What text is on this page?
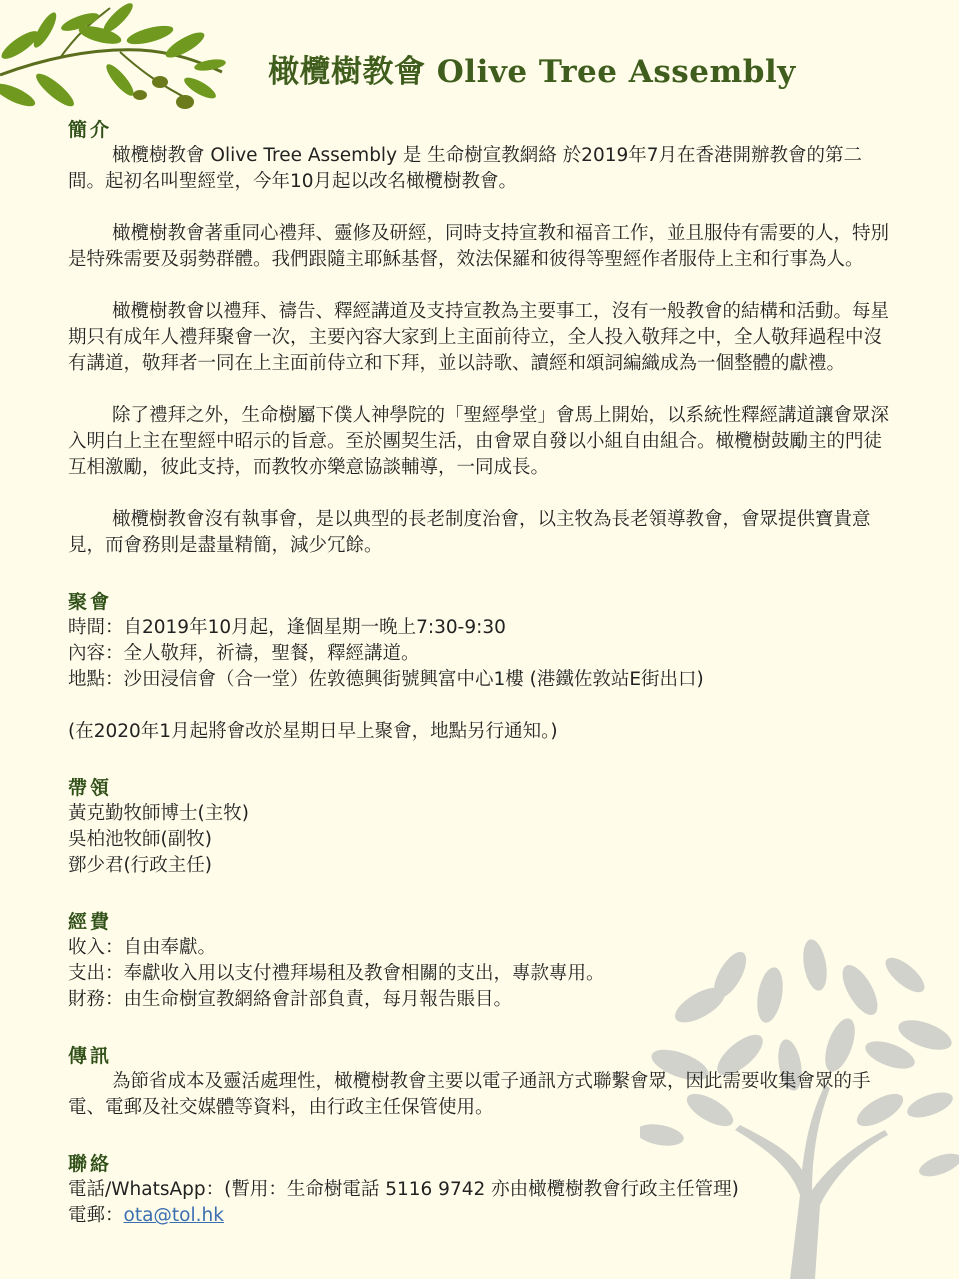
橄欖樹教會 Olive Tree Assembly
簡介

橄欖樹教會 Olive Tree Assembly 是 生命樹宣教網絡 於2019年7月在香港開辦教會的第二間。起初名叫聖經堂，今年10月起以改名橄欖樹教會。

橄欖樹教會著重同心禮拜、靈修及研經，同時支持宣教和福音工作，並且服侍有需要的人，特別是特殊需要及弱勢群體。我們跟隨主耶穌基督，效法保羅和彼得等聖經作者服侍上主和行事為人。

橄欖樹教會以禮拜、禱告、釋經講道及支持宣教為主要事工，沒有一般教會的結構和活動。每星期只有成年人禮拜聚會一次，主要內容大家到上主面前待立，全人投入敬拜之中，全人敬拜過程中沒有講道，敬拜者一同在上主面前侍立和下拜，並以詩歌、讀經和頌詞編織成為一個整體的獻禮。

除了禮拜之外，生命樹屬下僕人神學院的「聖經學堂」會馬上開始，以系統性釋經講道讓會眾深入明白上主在聖經中昭示的旨意。至於團契生活，由會眾自發以小組自由組合。橄欖樹鼓勵主的門徒互相激勵，彼此支持，而教牧亦樂意協談輔導，一同成長。

橄欖樹教會沒有執事會，是以典型的長老制度治會，以主牧為長老領導教會，會眾提供寶貴意見，而會務則是盡量精簡，減少冗餘。

聚會

時間：自2019年10月起，逢個星期一晚上7:30-9:30

內容：全人敬拜，祈禱，聖餐，釋經講道。

地點：沙田浸信會（合一堂）佐敦德興街號興富中心1樓 (港鐵佐敦站E街出口)

(在2020年1月起將會改於星期日早上聚會，地點另行通知。)

帶領

黃克勤牧師博士(主牧)

吳柏池牧師(副牧)

鄧少君(行政主任)

經費

收入：自由奉獻。

支出：奉獻收入用以支付禮拜場租及教會相關的支出，專款專用。

財務：由生命樹宣教網絡會計部負責，每月報告賬目。

傳訊

為節省成本及靈活處理性，橄欖樹教會主要以電子通訊方式聯繫會眾，因此需要收集會眾的手電、電郵及社交媒體等資料，由行政主任保管使用。

聯絡

電話/WhatsApp：(暫用：生命樹電話 5116 9742 亦由橄欖樹教會行政主任管理)

電郵：ota@tol.hk
